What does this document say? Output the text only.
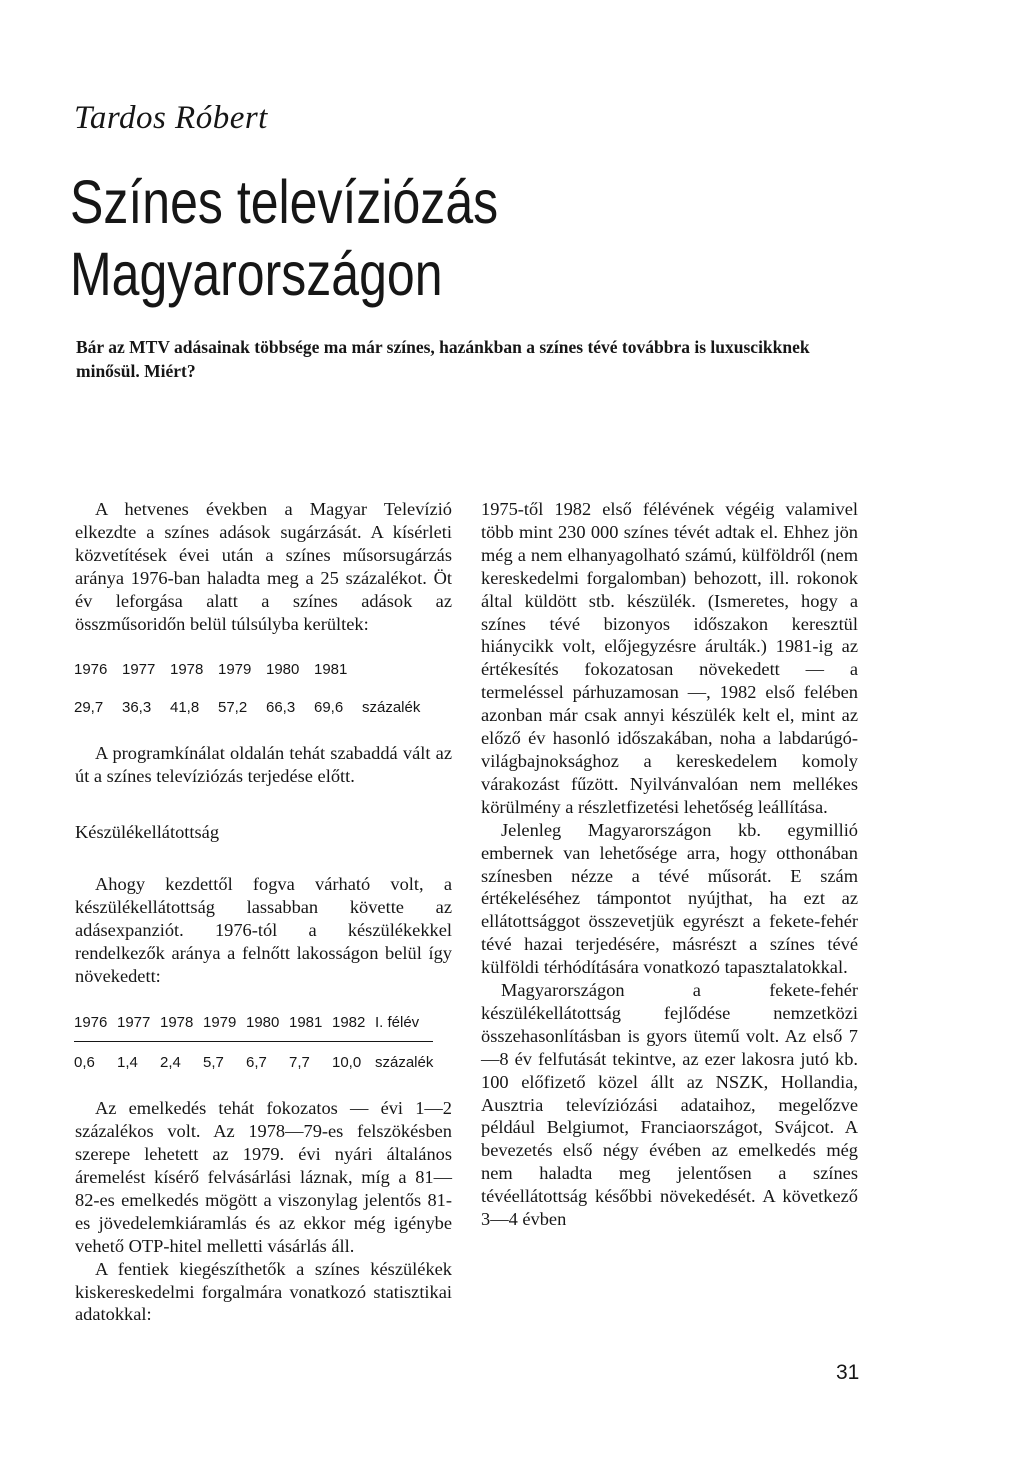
Tardos Róbert
Színes televíziózás
Magyarországon

Bár az MTV adásainak többsége ma már színes, hazánkban a színes tévé továbbra is luxuscikknek minősül. Miért?

A hetvenes években a Magyar Televízió elkezdte a színes adások sugárzását. A kísérleti közvetítések évei után a színes műsorsugárzás aránya 1976-ban haladta meg a 25 százalékot. Öt év leforgása alatt a színes adások az összműsoridőn belül túlsúlyba kerültek:

1976	1977	1978	1979	1980	1981	
29,7	36,3	41,8	57,2	66,3	69,6	százalék

A programkínálat oldalán tehát szabaddá vált az út a színes televíziózás terjedése előtt.

Készülékellátottság

Ahogy kezdettől fogva várható volt, a készülékellátottság lassabban követte az adásexpanziót. 1976-tól a készülékekkel rendelkezők aránya a felnőtt lakosságon belül így növekedett:

1976	1977	1978	1979	1980	1981	1982	I. félév
0,6	1,4	2,4	5,7	6,7	7,7	10,0	százalék

Az emelkedés tehát fokozatos — évi 1—2 százalékos volt. Az 1978—79-es felszökésben szerepe lehetett az 1979. évi nyári általános áremelést kísérő felvásárlási láznak, míg a 81—82-es emelkedés mögött a viszonylag jelentős 81-es jövedelemkiáramlás és az ekkor még igénybe vehető OTP-hitel melletti vásárlás áll.

A fentiek kiegészíthetők a színes készülékek kiskereskedelmi forgalmára vonatkozó statisztikai adatokkal:

1975-től 1982 első félévének végéig valamivel több mint 230 000 színes tévét adtak el. Ehhez jön még a nem elhanyagolható számú, külföldről (nem kereskedelmi forgalomban) behozott, ill. rokonok által küldött stb. készülék. (Ismeretes, hogy a színes tévé bizonyos időszakon keresztül hiánycikk volt, előjegyzésre árulták.) 1981-ig az értékesítés fokozatosan növekedett — a termeléssel párhuzamosan —, 1982 első felében azonban már csak annyi készülék kelt el, mint az előző év hasonló időszakában, noha a labdarúgó-világbajnoksághoz a kereskedelem komoly várakozást fűzött. Nyilvánvalóan nem mellékes körülmény a részletfizetési lehetőség leállítása.

Jelenleg Magyarországon kb. egymillió embernek van lehetősége arra, hogy otthonában színesben nézze a tévé műsorát. E szám értékeléséhez támpontot nyújthat, ha ezt az ellátottsággot összevetjük egyrészt a fekete-fehér tévé hazai terjedésére, másrészt a színes tévé külföldi térhódítására vonatkozó tapasztalatokkal.

Magyarországon a fekete-fehér készülékellátottság fejlődése nemzetközi összehasonlításban is gyors ütemű volt. Az első 7—8 év felfutását tekintve, az ezer lakosra jutó kb. 100 előfizető közel állt az NSZK, Hollandia, Ausztria televíziózási adataihoz, megelőzve például Belgiumot, Franciaországot, Svájcot. A bevezetés első négy évében az emelkedés még nem haladta meg jelentősen a színes tévéellátottság későbbi növekedését. A következő 3—4 évben

31
